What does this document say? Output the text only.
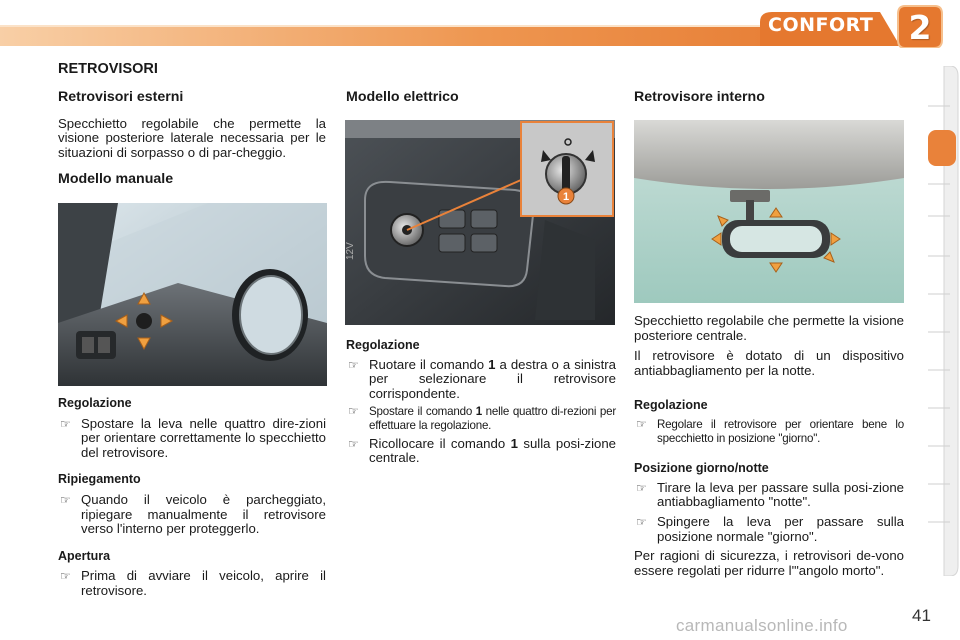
CONFORT 2
RETROVISORI
Retrovisori esterni

Specchietto regolabile che permette la visione posteriore laterale necessaria per le situazioni di sorpasso o di par-cheggio.

Modello manuale
Regolazione
☞ Spostare la leva nelle quattro dire-zioni per orientare correttamente lo specchietto del retrovisore.
Ripiegamento
☞ Quando il veicolo è parcheggiato, ripiegare manualmente il retrovisore verso l'interno per proteggerlo.
Apertura
☞ Prima di avviare il veicolo, aprire il retrovisore.
Modello elettrico
1
12V
Regolazione
☞ Ruotare il comando 1 a destra o a sinistra per selezionare il retrovisore corrispondente.
☞ Spostare il comando 1 nelle quattro di-rezioni per effettuare la regolazione.
☞ Ricollocare il comando 1 sulla posi-zione centrale.
Retrovisore interno

Specchietto regolabile che permette la visione posteriore centrale.

Il retrovisore è dotato di un dispositivo antiabbagliamento per la notte.

Regolazione
☞ Regolare il retrovisore per orientare bene lo specchietto in posizione "giorno".
Posizione giorno/notte
☞ Tirare la leva per passare sulla posi-zione antiabbagliamento "notte".
☞ Spingere la leva per passare sulla posizione normale "giorno".

Per ragioni di sicurezza, i retrovisori de-vono essere regolati per ridurre l'"angolo morto".

41
carmanualsonline.info
